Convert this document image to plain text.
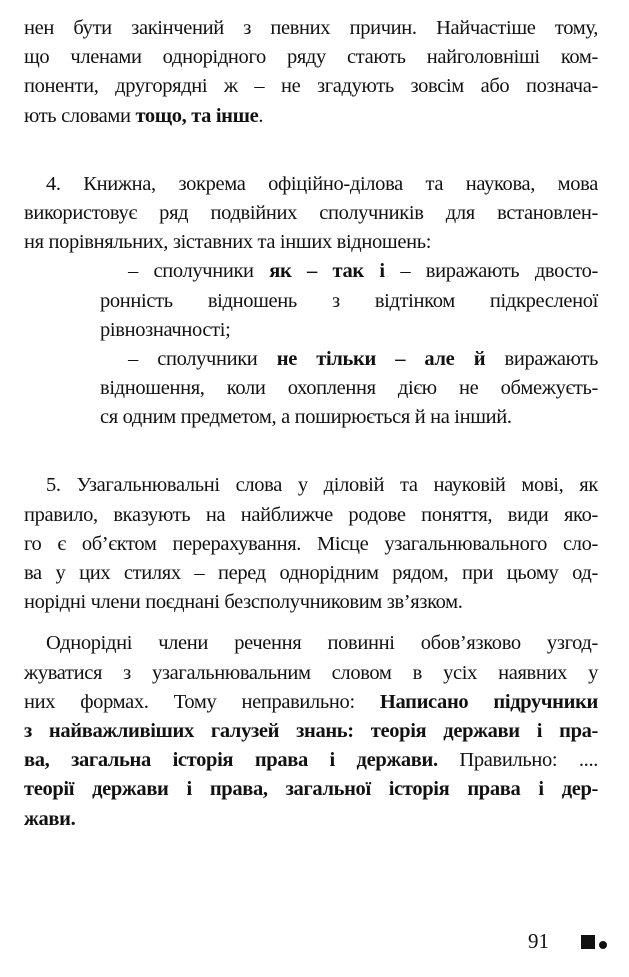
нен бути закінчений з певних причин. Найчастіше тому,
що членами однорідного ряду стають найголовніші ком-
поненти, другорядні ж – не згадують зовсім або познача-
ють словами тощо, та інше.
4. Книжна, зокрема офіційно-ділова та наукова, мова
використовує ряд подвійних сполучників для встановлен-
ня порівняльних, зіставних та інших відношень:
– сполучники як – так і – виражають двосто-
ронність відношень з відтінком підкресленої
рівнозначності;
– сполучники не тільки – але й виражають
відношення, коли охоплення дією не обмежуєть-
ся одним предметом, а поширюється й на інший.
5. Узагальнювальні слова у діловій та науковій мові, як
правило, вказують на найближче родове поняття, види яко-
го є об’єктом перерахування. Місце узагальнювального сло-
ва у цих стилях – перед однорідним рядом, при цьому од-
норідні члени поєднані безсполучниковим зв’язком.
Однорідні члени речення повинні обов’язково узгод-
жуватися з узагальнювальним словом в усіх наявних у
них формах. Тому неправильно: Написано підручники
з найважливіших галузей знань: теорія держави і пра-
ва, загальна історія права і держави. Правильно: ....
теорії держави і права, загальної історія права і дер-
жави.
91
